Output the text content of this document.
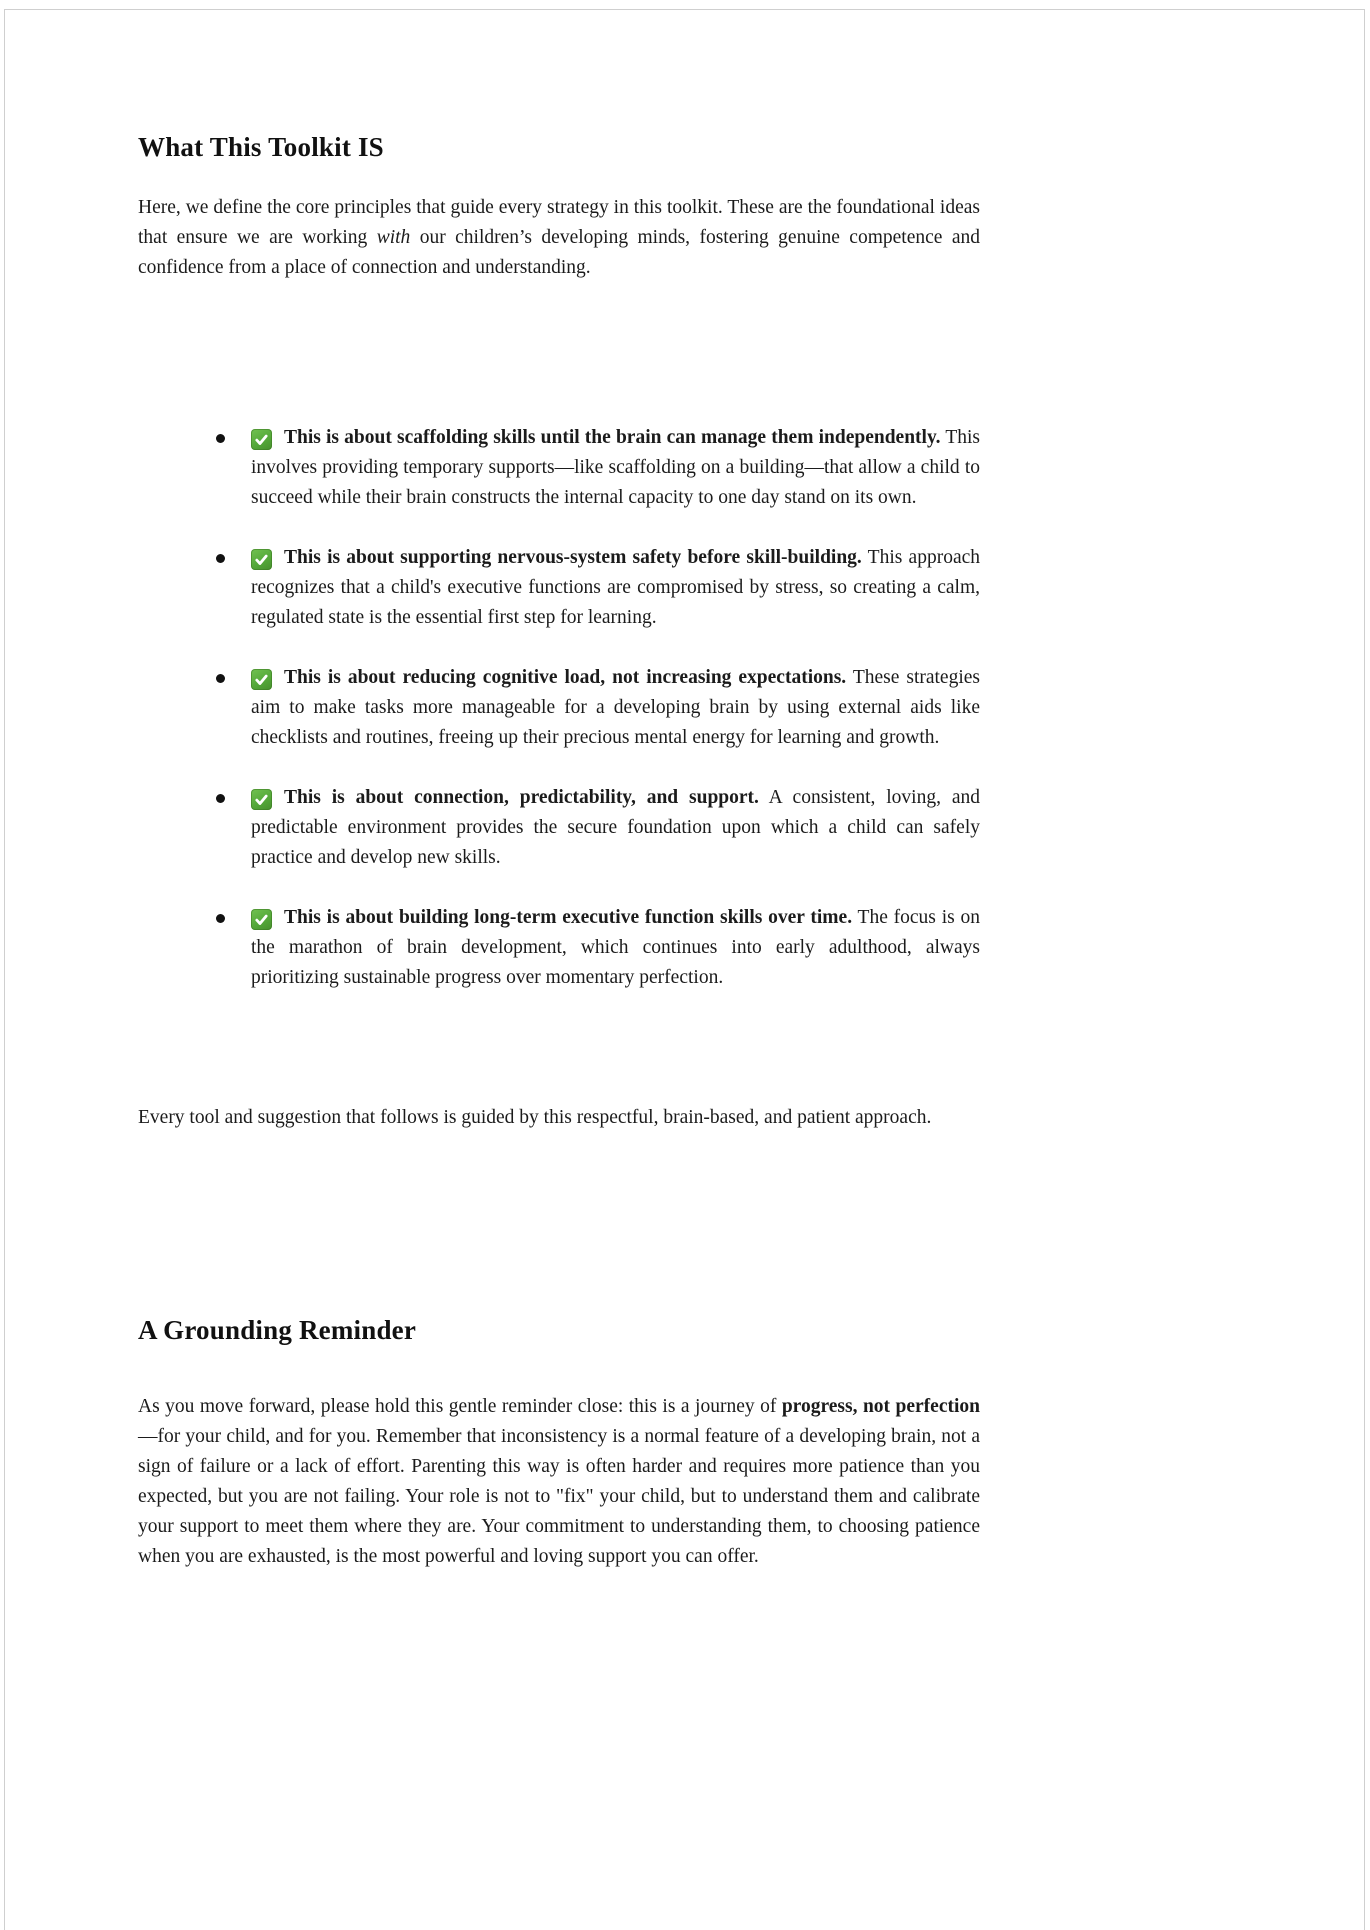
What This Toolkit IS

Here, we define the core principles that guide every strategy in this toolkit. These are the foundational ideas that ensure we are working with our children’s developing minds, fostering genuine competence and confidence from a place of connection and understanding.

This is about scaffolding skills until the brain can manage them independently. This involves providing temporary supports—like scaffolding on a building—that allow a child to succeed while their brain constructs the internal capacity to one day stand on its own.
This is about supporting nervous-system safety before skill-building. This approach recognizes that a child's executive functions are compromised by stress, so creating a calm, regulated state is the essential first step for learning.
This is about reducing cognitive load, not increasing expectations. These strategies aim to make tasks more manageable for a developing brain by using external aids like checklists and routines, freeing up their precious mental energy for learning and growth.
This is about connection, predictability, and support. A consistent, loving, and predictable environment provides the secure foundation upon which a child can safely practice and develop new skills.
This is about building long-term executive function skills over time. The focus is on the marathon of brain development, which continues into early adulthood, always prioritizing sustainable progress over momentary perfection.

Every tool and suggestion that follows is guided by this respectful, brain-based, and patient approach.

A Grounding Reminder

As you move forward, please hold this gentle reminder close: this is a journey of progress, not perfection—for your child, and for you. Remember that inconsistency is a normal feature of a developing brain, not a sign of failure or a lack of effort. Parenting this way is often harder and requires more patience than you expected, but you are not failing. Your role is not to "fix" your child, but to understand them and calibrate your support to meet them where they are. Your commitment to understanding them, to choosing patience when you are exhausted, is the most powerful and loving support you can offer.
